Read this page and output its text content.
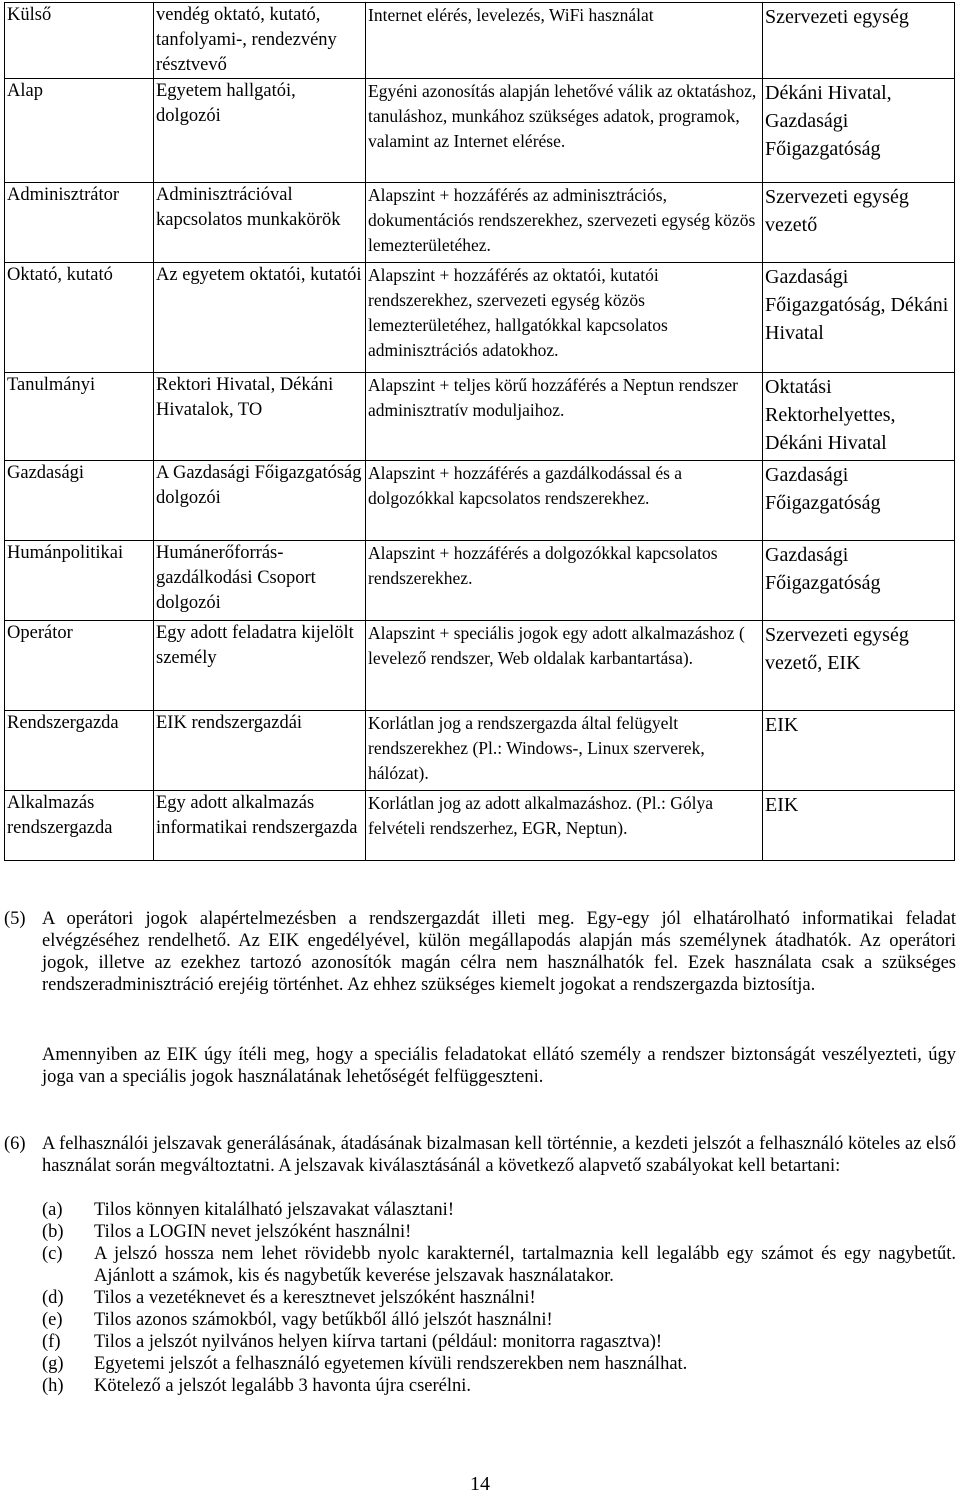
Külső	vendég oktató, kutató, tanfolyami-, rendezvény résztvevő	Internet elérés, levelezés, WiFi használat	Szervezeti egység
Alap	Egyetem hallgatói, dolgozói	Egyéni azonosítás alapján lehetővé válik az oktatáshoz, tanuláshoz, munkához szükséges adatok, programok, valamint az Internet elérése.	Dékáni Hivatal, Gazdasági Főigazgatóság
Adminisztrátor	Adminisztrációval kapcsolatos munkakörök	Alapszint + hozzáférés az adminisztrációs, dokumentációs rendszerekhez, szervezeti egység közös lemezterületéhez.	Szervezeti egység vezető
Oktató, kutató	Az egyetem oktatói, kutatói	Alapszint + hozzáférés az oktatói, kutatói rendszerekhez, szervezeti egység közös lemezterületéhez, hallgatókkal kapcsolatos adminisztrációs adatokhoz.	Gazdasági Főigazgatóság, Dékáni Hivatal
Tanulmányi	Rektori Hivatal, Dékáni Hivatalok, TO	Alapszint + teljes körű hozzáférés a Neptun rendszer adminisztratív moduljaihoz.	Oktatási Rektorhelyettes, Dékáni Hivatal
Gazdasági	A Gazdasági Főigazgatóság dolgozói	Alapszint + hozzáférés a gazdálkodással és a dolgozókkal kapcsolatos rendszerekhez.	Gazdasági Főigazgatóság
Humánpolitikai	Humánerőforrás-gazdálkodási Csoport dolgozói	Alapszint + hozzáférés a dolgozókkal kapcsolatos rendszerekhez.	Gazdasági Főigazgatóság
Operátor	Egy adott feladatra kijelölt személy	Alapszint + speciális jogok egy adott alkalmazáshoz ( levelező rendszer, Web oldalak karbantartása).	Szervezeti egység vezető, EIK
Rendszergazda	EIK rendszergazdái	Korlátlan jog a rendszergazda által felügyelt rendszerekhez (Pl.: Windows-, Linux szerverek, hálózat).	EIK
Alkalmazás rendszergazda	Egy adott alkalmazás informatikai rendszergazda	Korlátlan jog az adott alkalmazáshoz. (Pl.: Gólya felvételi rendszerhez, EGR, Neptun).	EIK
(5) A operátori jogok alapértelmezésben a rendszergazdát illeti meg. Egy-egy jól elhatárolható informatikai feladat elvégzéséhez rendelhető. Az EIK engedélyével, külön megállapodás alapján más személynek átadhatók. Az operátori jogok, illetve az ezekhez tartozó azonosítók magán célra nem használhatók fel. Ezek használata csak a szükséges rendszeradminisztráció erejéig történhet. Az ehhez szükséges kiemelt jogokat a rendszergazda biztosítja.
Amennyiben az EIK úgy ítéli meg, hogy a speciális feladatokat ellátó személy a rendszer biztonságát veszélyezteti, úgy joga van a speciális jogok használatának lehetőségét felfüggeszteni.
(6) A felhasználói jelszavak generálásának, átadásának bizalmasan kell történnie, a kezdeti jelszót a felhasználó köteles az első használat során megváltoztatni. A jelszavak kiválasztásánál a következő alapvető szabályokat kell betartani:
(a)	Tilos könnyen kitalálható jelszavakat választani!
(b)	Tilos a LOGIN nevet jelszóként használni!
(c)	A jelszó hossza nem lehet rövidebb nyolc karakternél, tartalmaznia kell legalább egy számot és egy nagybetűt. Ajánlott a számok, kis és nagybetűk keverése jelszavak használatakor.
(d)	Tilos a vezetéknevet és a keresztnevet jelszóként használni!
(e)	Tilos azonos számokból, vagy betűkből álló jelszót használni!
(f)	Tilos a jelszót nyilvános helyen kiírva tartani (például: monitorra ragasztva)!
(g)	Egyetemi jelszót a felhasználó egyetemen kívüli rendszerekben nem használhat.
(h)	Kötelező a jelszót legalább 3 havonta újra cserélni.
14
